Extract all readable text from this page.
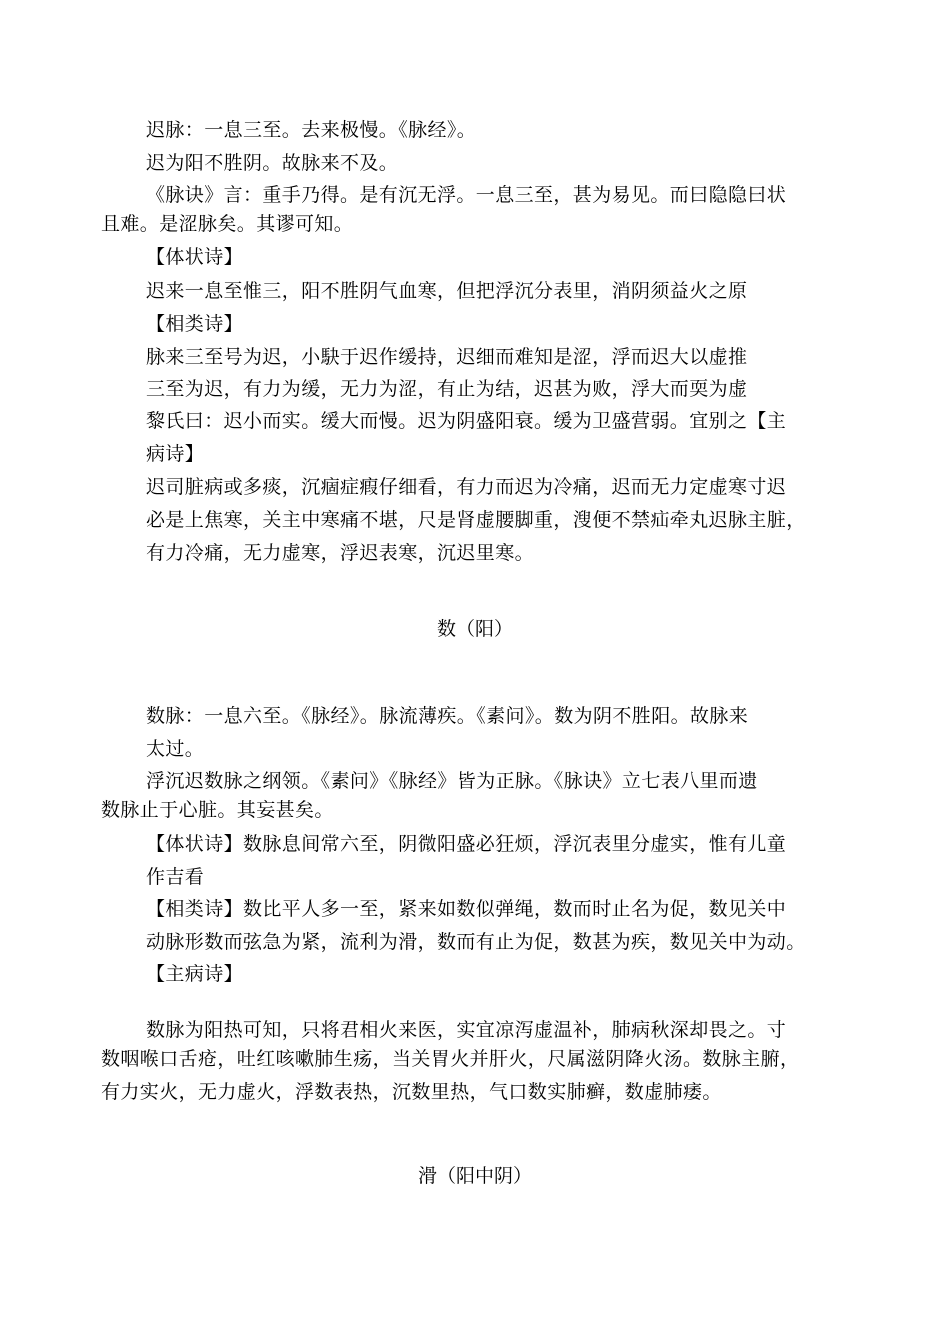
迟脉：一息三至。去来极慢。《脉经》。
迟为阳不胜阴。故脉来不及。
《脉诀》言：重手乃得。是有沉无浮。一息三至，甚为易见。而曰隐隐曰状
且难。是涩脉矣。其谬可知。
【体状诗】
迟来一息至惟三，阳不胜阴气血寒，但把浮沉分表里，消阴须益火之原
【相类诗】
脉来三至号为迟，小駃于迟作缓持，迟细而难知是涩，浮而迟大以虚推
三至为迟，有力为缓，无力为涩，有止为结，迟甚为败，浮大而耎为虚
黎氏曰：迟小而实。缓大而慢。迟为阴盛阳衰。缓为卫盛营弱。宜别之【主
病诗】
迟司脏病或多痰，沉痼症瘕仔细看，有力而迟为冷痛，迟而无力定虚寒寸迟
必是上焦寒，关主中寒痛不堪，尺是肾虚腰脚重，溲便不禁疝牵丸迟脉主脏，
有力冷痛，无力虚寒，浮迟表寒，沉迟里寒。
数（阳）
数脉：一息六至。《脉经》。脉流薄疾。《素问》。数为阴不胜阳。故脉来
太过。
浮沉迟数脉之纲领。《素问》《脉经》皆为正脉。《脉诀》立七表八里而遗
数脉止于心脏。其妄甚矣。
【体状诗】数脉息间常六至，阴微阳盛必狂烦，浮沉表里分虚实，惟有儿童
作吉看
【相类诗】数比平人多一至，紧来如数似弹绳，数而时止名为促，数见关中
动脉形数而弦急为紧，流利为滑，数而有止为促，数甚为疾，数见关中为动。
【主病诗】
数脉为阳热可知，只将君相火来医，实宜凉泻虚温补，肺病秋深却畏之。寸
数咽喉口舌疮，吐红咳嗽肺生疡，当关胃火并肝火，尺属滋阴降火汤。数脉主腑，
有力实火，无力虚火，浮数表热，沉数里热，气口数实肺癣，数虚肺痿。
滑（阳中阴）
